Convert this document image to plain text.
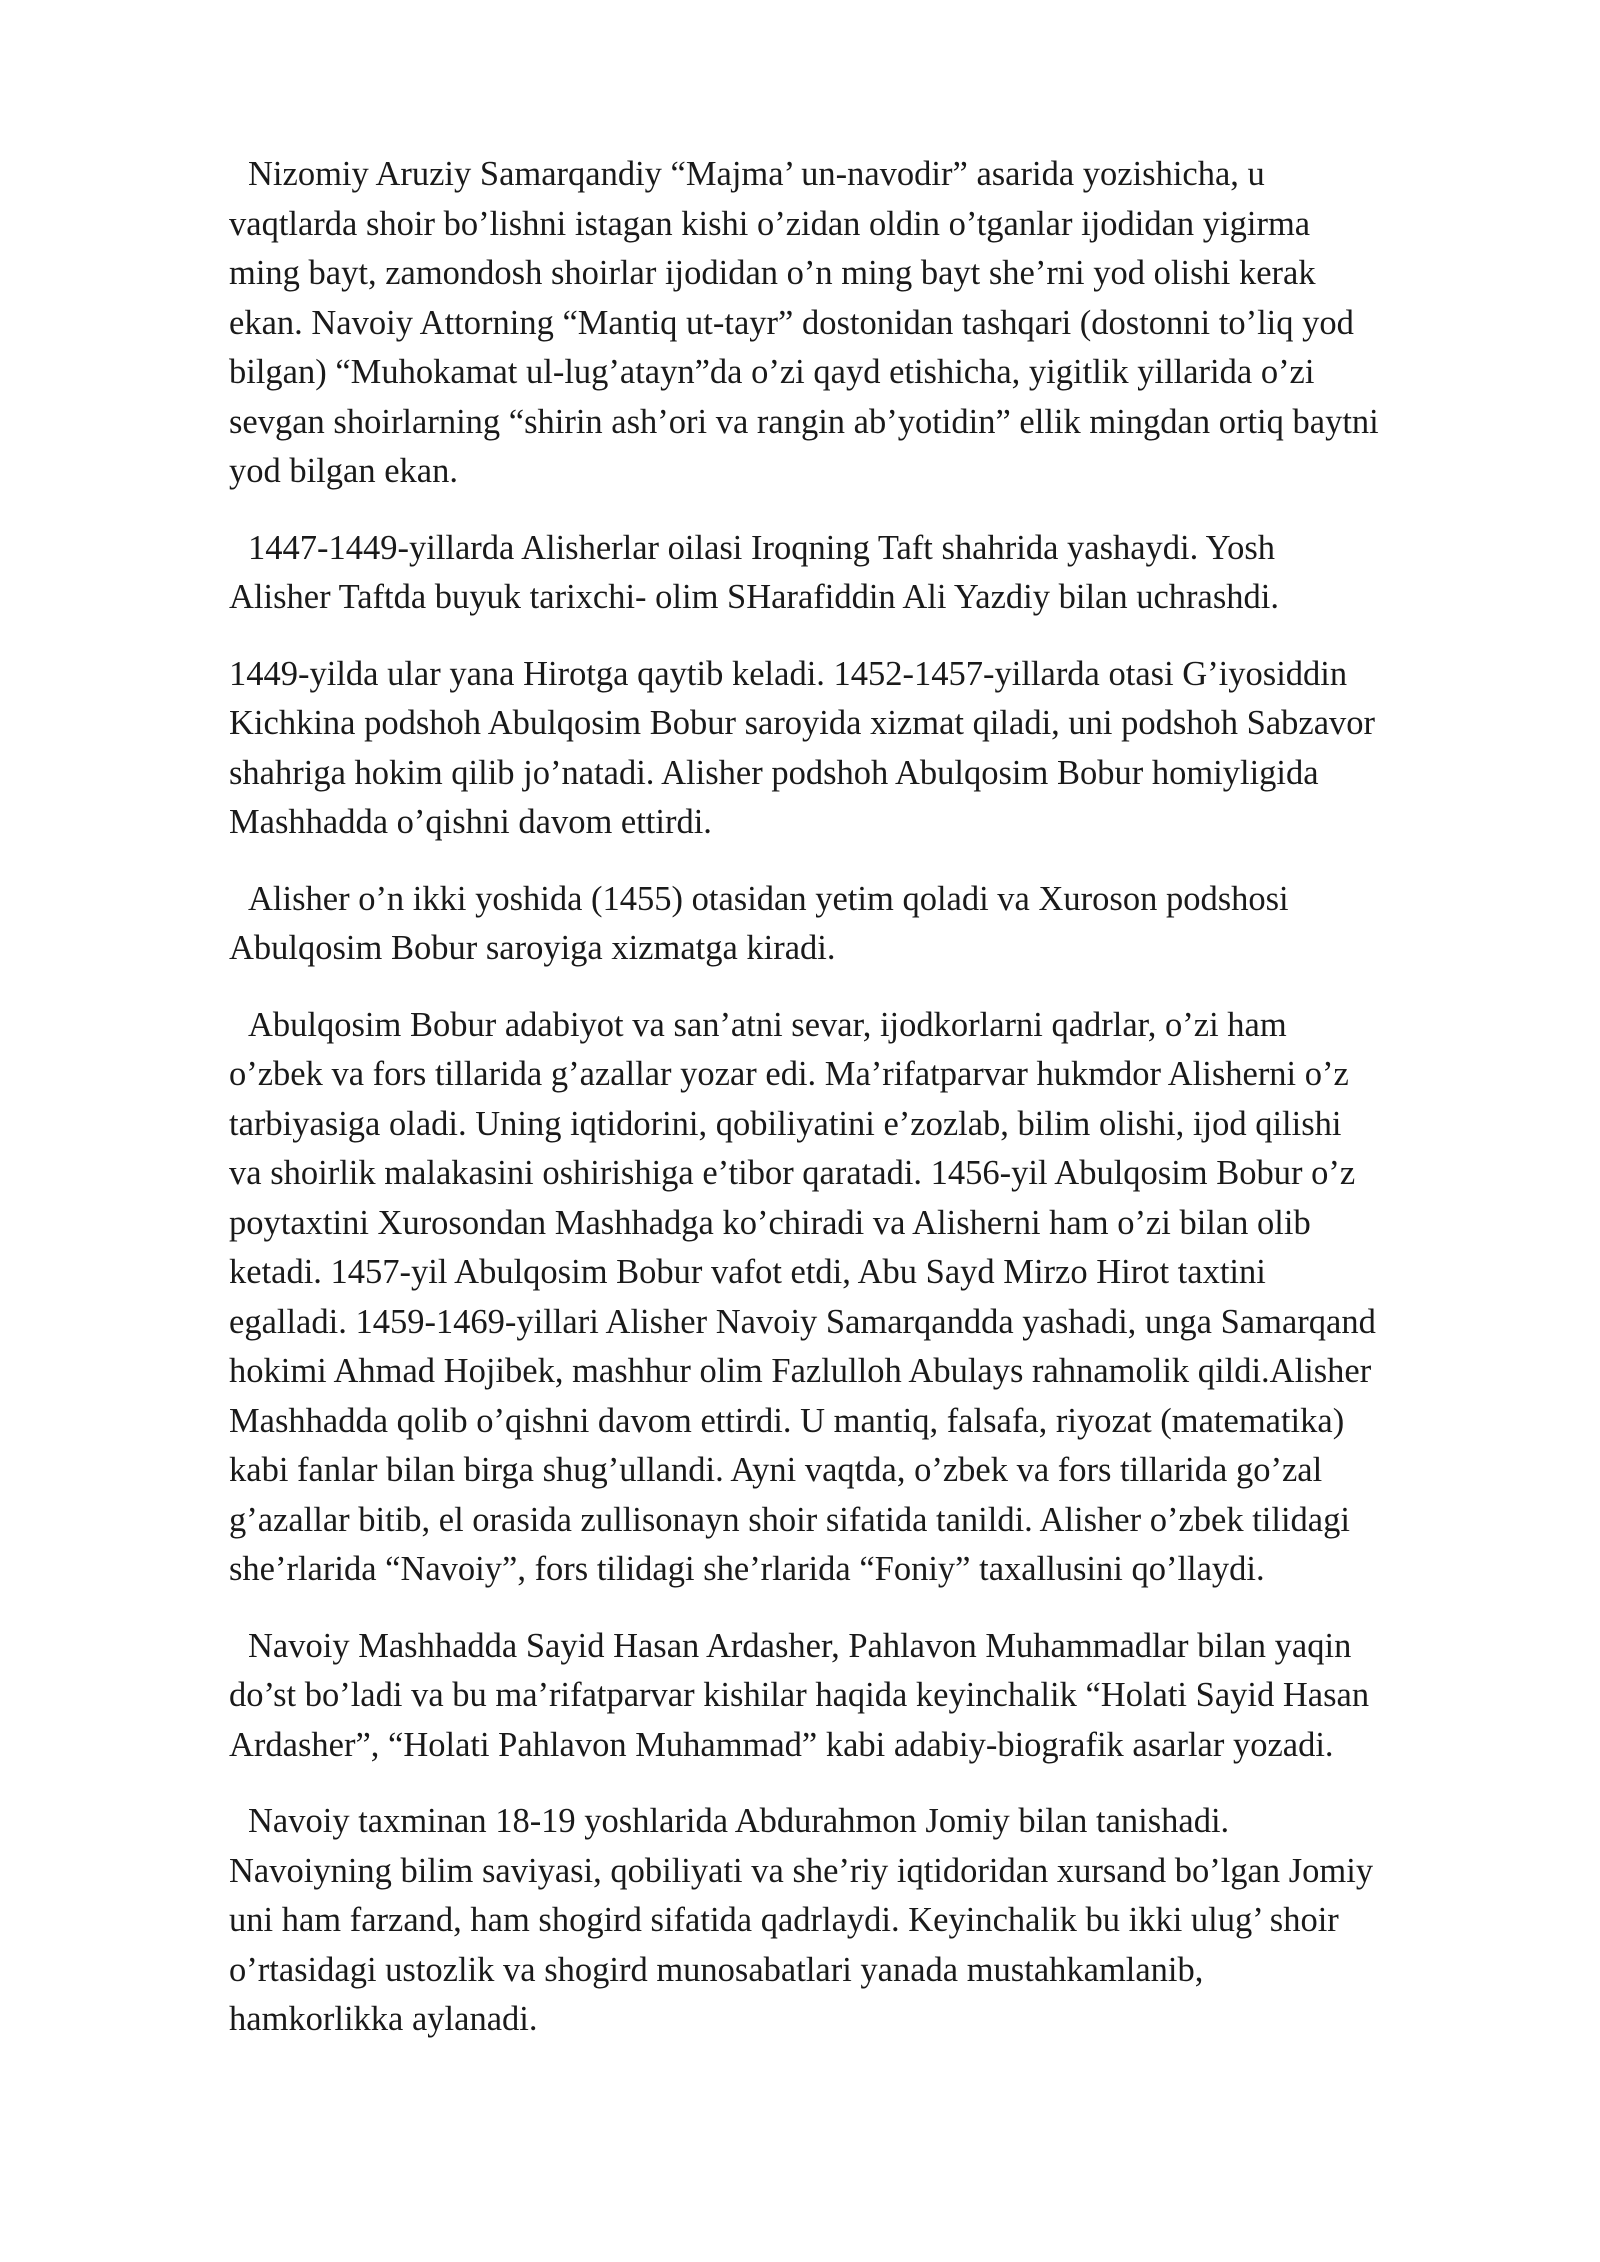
Nizomiy Aruziy Samarqandiy “Majma’ un-navodir” asarida yozishicha, u
vaqtlarda shoir bo’lishni istagan kishi o’zidan oldin o’tganlar ijodidan yigirma
ming bayt, zamondosh shoirlar ijodidan o’n ming bayt she’rni yod olishi kerak
ekan. Navoiy Attorning “Mantiq ut-tayr” dostonidan tashqari (dostonni to’liq yod
bilgan) “Muhokamat ul-lug’atayn”da o’zi qayd etishicha, yigitlik yillarida o’zi
sevgan shoirlarning “shirin ash’ori va rangin ab’yotidin” ellik mingdan ortiq baytni
yod bilgan ekan.

1447-1449-yillarda Alisherlar oilasi Iroqning Taft shahrida yashaydi. Yosh
Alisher Taftda buyuk tarixchi- olim SHarafiddin Ali Yazdiy bilan uchrashdi.

1449-yilda ular yana Hirotga qaytib keladi. 1452-1457-yillarda otasi G’iyosiddin
Kichkina podshoh Abulqosim Bobur saroyida xizmat qiladi, uni podshoh Sabzavor
shahriga hokim qilib jo’natadi. Alisher podshoh Abulqosim Bobur homiyligida
Mashhadda o’qishni davom ettirdi.

Alisher o’n ikki yoshida (1455) otasidan yetim qoladi va Xuroson podshosi
Abulqosim Bobur saroyiga xizmatga kiradi.

Abulqosim Bobur adabiyot va san’atni sevar, ijodkorlarni qadrlar, o’zi ham
o’zbek va fors tillarida g’azallar yozar edi. Ma’rifatparvar hukmdor Alisherni o’z
tarbiyasiga oladi. Uning iqtidorini, qobiliyatini e’zozlab, bilim olishi, ijod qilishi
va shoirlik malakasini oshirishiga e’tibor qaratadi. 1456-yil Abulqosim Bobur o’z
poytaxtini Xurosondan Mashhadga ko’chiradi va Alisherni ham o’zi bilan olib
ketadi. 1457-yil Abulqosim Bobur vafot etdi, Abu Sayd Mirzo Hirot taxtini
egalladi. 1459-1469-yillari Alisher Navoiy Samarqandda yashadi, unga Samarqand
hokimi Ahmad Hojibek, mashhur olim Fazlulloh Abulays rahnamolik qildi.Alisher
Mashhadda qolib o’qishni davom ettirdi. U mantiq, falsafa, riyozat (matematika)
kabi fanlar bilan birga shug’ullandi. Ayni vaqtda, o’zbek va fors tillarida go’zal
g’azallar bitib, el orasida zullisonayn shoir sifatida tanildi. Alisher o’zbek tilidagi
she’rlarida “Navoiy”, fors tilidagi she’rlarida “Foniy” taxallusini qo’llaydi.

Navoiy Mashhadda Sayid Hasan Ardasher, Pahlavon Muhammadlar bilan yaqin
do’st bo’ladi va bu ma’rifatparvar kishilar haqida keyinchalik “Holati Sayid Hasan
Ardasher”, “Holati Pahlavon Muhammad” kabi adabiy-biografik asarlar yozadi.

Navoiy taxminan 18-19 yoshlarida Abdurahmon Jomiy bilan tanishadi.
Navoiyning bilim saviyasi, qobiliyati va she’riy iqtidoridan xursand bo’lgan Jomiy
uni ham farzand, ham shogird sifatida qadrlaydi. Keyinchalik bu ikki ulug’ shoir
o’rtasidagi ustozlik va shogird munosabatlari yanada mustahkamlanib,
hamkorlikka aylanadi.
